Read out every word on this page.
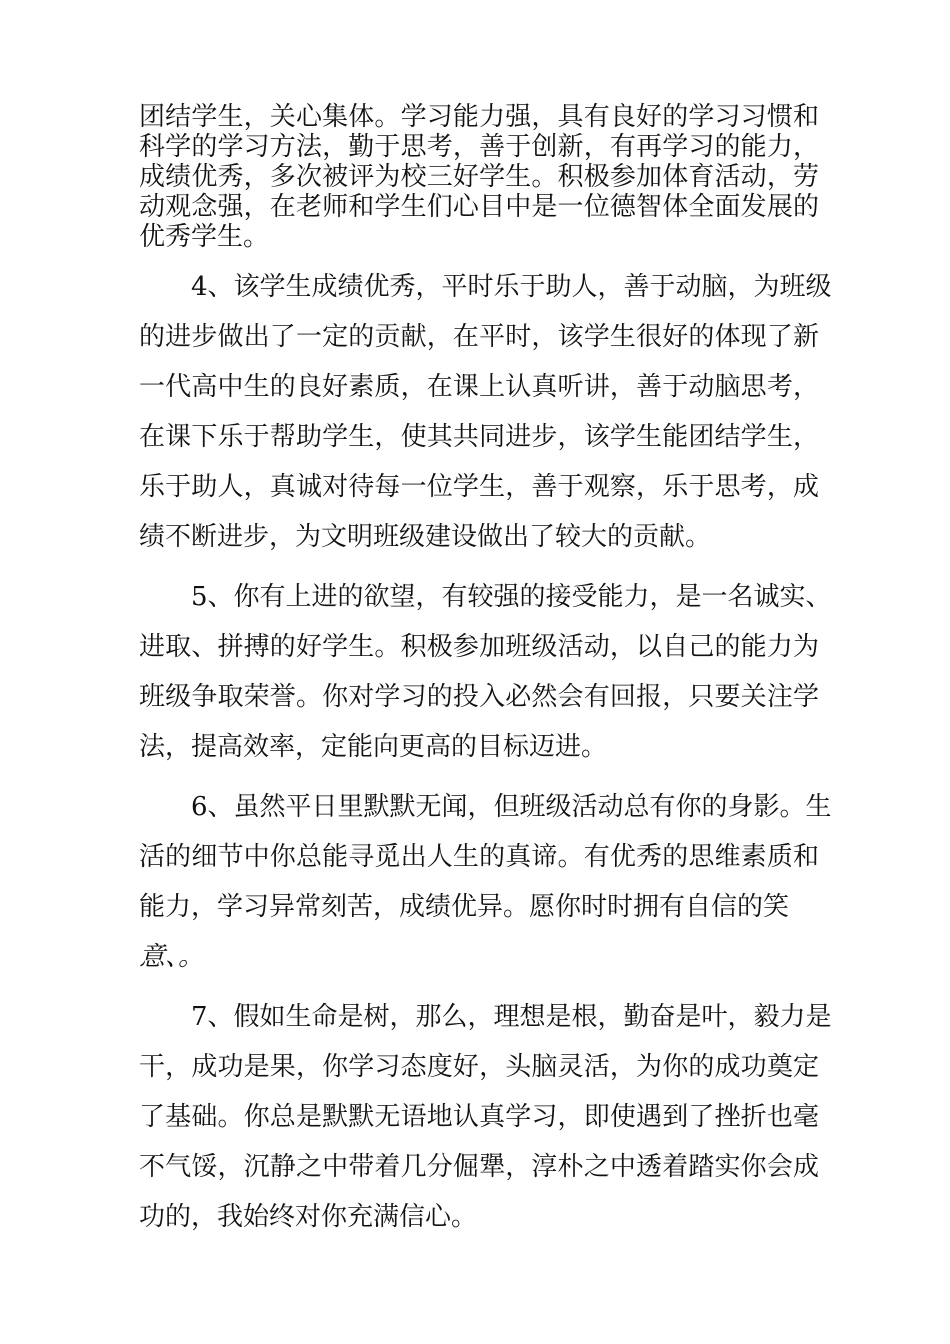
团结学生，关心集体。学习能力强，具有良好的学习习惯和
科学的学习方法，勤于思考，善于创新，有再学习的能力，
成绩优秀，多次被评为校三好学生。积极参加体育活动，劳
动观念强，在老师和学生们心目中是一位德智体全面发展的
优秀学生。
4、该学生成绩优秀，平时乐于助人，善于动脑，为班级
的进步做出了一定的贡献，在平时，该学生很好的体现了新
一代高中生的良好素质，在课上认真听讲，善于动脑思考，
在课下乐于帮助学生，使其共同进步，该学生能团结学生，
乐于助人，真诚对待每一位学生，善于观察，乐于思考，成
绩不断进步，为文明班级建设做出了较大的贡献。
5、你有上进的欲望，有较强的接受能力，是一名诚实、
进取、拼搏的好学生。积极参加班级活动，以自己的能力为
班级争取荣誉。你对学习的投入必然会有回报，只要关注学
法，提高效率，定能向更高的目标迈进。
6、虽然平日里默默无闻，但班级活动总有你的身影。生
活的细节中你总能寻觅出人生的真谛。有优秀的思维素质和
能力，学习异常刻苦，成绩优异。愿你时时拥有自信的笑
意、。
7、假如生命是树，那么，理想是根，勤奋是叶，毅力是
干，成功是果，你学习态度好，头脑灵活，为你的成功奠定
了基础。你总是默默无语地认真学习，即使遇到了挫折也毫
不气馁，沉静之中带着几分倔犟，淳朴之中透着踏实你会成
功的，我始终对你充满信心。
